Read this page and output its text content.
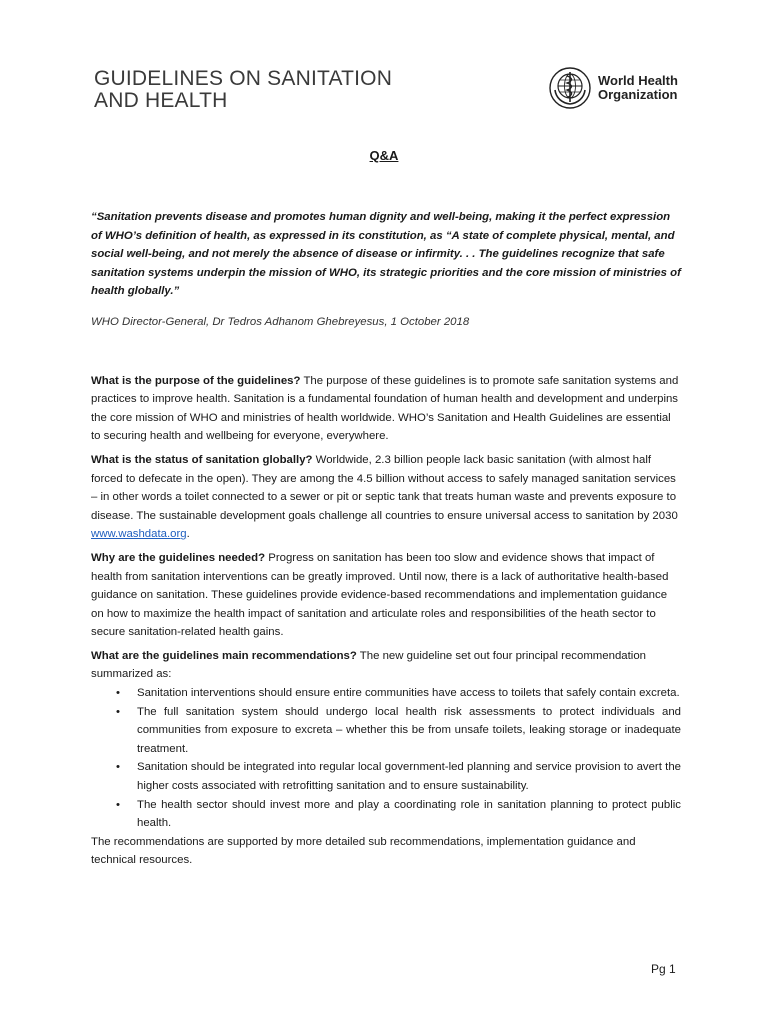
GUIDELINES ON SANITATION
AND HEALTH
World Health
Organization
Q&A

“Sanitation prevents disease and promotes human dignity and well-being, making it the perfect expression of WHO’s definition of health, as expressed in its constitution, as “A state of complete physical, mental, and social well-being, and not merely the absence of disease or infirmity. . . The guidelines recognize that safe sanitation systems underpin the mission of WHO, its strategic priorities and the core mission of ministries of health globally.”

WHO Director-General, Dr Tedros Adhanom Ghebreyesus, 1 October 2018

What is the purpose of the guidelines? The purpose of these guidelines is to promote safe sanitation systems and practices to improve health. Sanitation is a fundamental foundation of human health and development and underpins the core mission of WHO and ministries of health worldwide. WHO’s Sanitation and Health Guidelines are essential to securing health and wellbeing for everyone, everywhere.

What is the status of sanitation globally? Worldwide, 2.3 billion people lack basic sanitation (with almost half forced to defecate in the open). They are among the 4.5 billion without access to safely managed sanitation services – in other words a toilet connected to a sewer or pit or septic tank that treats human waste and prevents exposure to disease. The sustainable development goals challenge all countries to ensure universal access to sanitation by 2030 www.washdata.org.

Why are the guidelines needed? Progress on sanitation has been too slow and evidence shows that impact of health from sanitation interventions can be greatly improved. Until now, there is a lack of authoritative health-based guidance on sanitation. These guidelines provide evidence-based recommendations and implementation guidance on how to maximize the health impact of sanitation and articulate roles and responsibilities of the heath sector to secure sanitation-related health gains.

What are the guidelines main recommendations? The new guideline set out four principal recommendation summarized as:

• Sanitation interventions should ensure entire communities have access to toilets that safely contain excreta.
• The full sanitation system should undergo local health risk assessments to protect individuals and communities from exposure to excreta – whether this be from unsafe toilets, leaking storage or inadequate treatment.
• Sanitation should be integrated into regular local government-led planning and service provision to avert the higher costs associated with retrofitting sanitation and to ensure sustainability.
• The health sector should invest more and play a coordinating role in sanitation planning to protect public health.

The recommendations are supported by more detailed sub recommendations, implementation guidance and technical resources.

Pg 1
